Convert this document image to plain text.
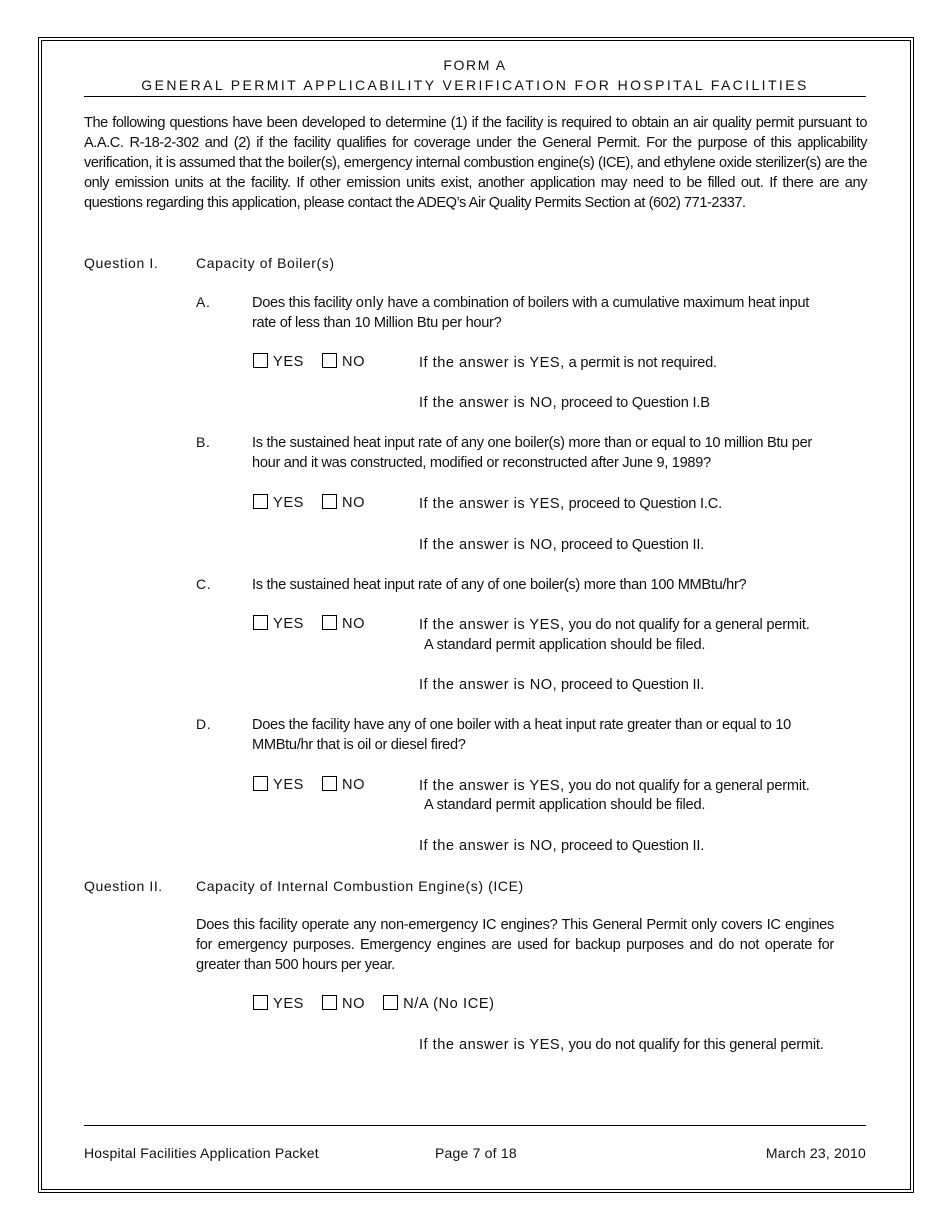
FORM A
GENERAL PERMIT APPLICABILITY VERIFICATION FOR HOSPITAL FACILITIES
The following questions have been developed to determine (1) if the facility is required to obtain an air quality permit pursuant to A.A.C. R-18-2-302 and (2) if the facility qualifies for coverage under the General Permit. For the purpose of this applicability verification, it is assumed that the boiler(s), emergency internal combustion engine(s) (ICE), and ethylene oxide sterilizer(s) are the only emission units at the facility. If other emission units exist, another application may need to be filled out. If there are any questions regarding this application, please contact the ADEQ’s Air Quality Permits Section at (602) 771-2337.
Question I.	Capacity of Boiler(s)
A.	Does this facility only have a combination of boilers with a cumulative maximum heat input rate of less than 10 Million Btu per hour?
YES	NO	If the answer is YES, a permit is not required.
If the answer is NO, proceed to Question I.B
B.	Is the sustained heat input rate of any one boiler(s) more than or equal to 10 million Btu per hour and it was constructed, modified or reconstructed after June 9, 1989?
YES	NO	If the answer is YES, proceed to Question I.C.
If the answer is NO, proceed to Question II.
C.	Is the sustained heat input rate of any of one boiler(s) more than 100 MMBtu/hr?
YES	NO	If the answer is YES, you do not qualify for a general permit.
A standard permit application should be filed.
If the answer is NO, proceed to Question II.
D.	Does the facility have any of one boiler with a heat input rate greater than or equal to 10 MMBtu/hr that is oil or diesel fired?
YES	NO	If the answer is YES, you do not qualify for a general permit.
A standard permit application should be filed.
If the answer is NO, proceed to Question II.
Question II. Capacity of Internal Combustion Engine(s) (ICE)
Does this facility operate any non-emergency IC engines? This General Permit only covers IC engines for emergency purposes. Emergency engines are used for backup purposes and do not operate for greater than 500 hours per year.
YES	NO	N/A (No ICE)
If the answer is YES, you do not qualify for this general permit.
Hospital Facilities Application Packet	Page 7 of 18	March 23, 2010
